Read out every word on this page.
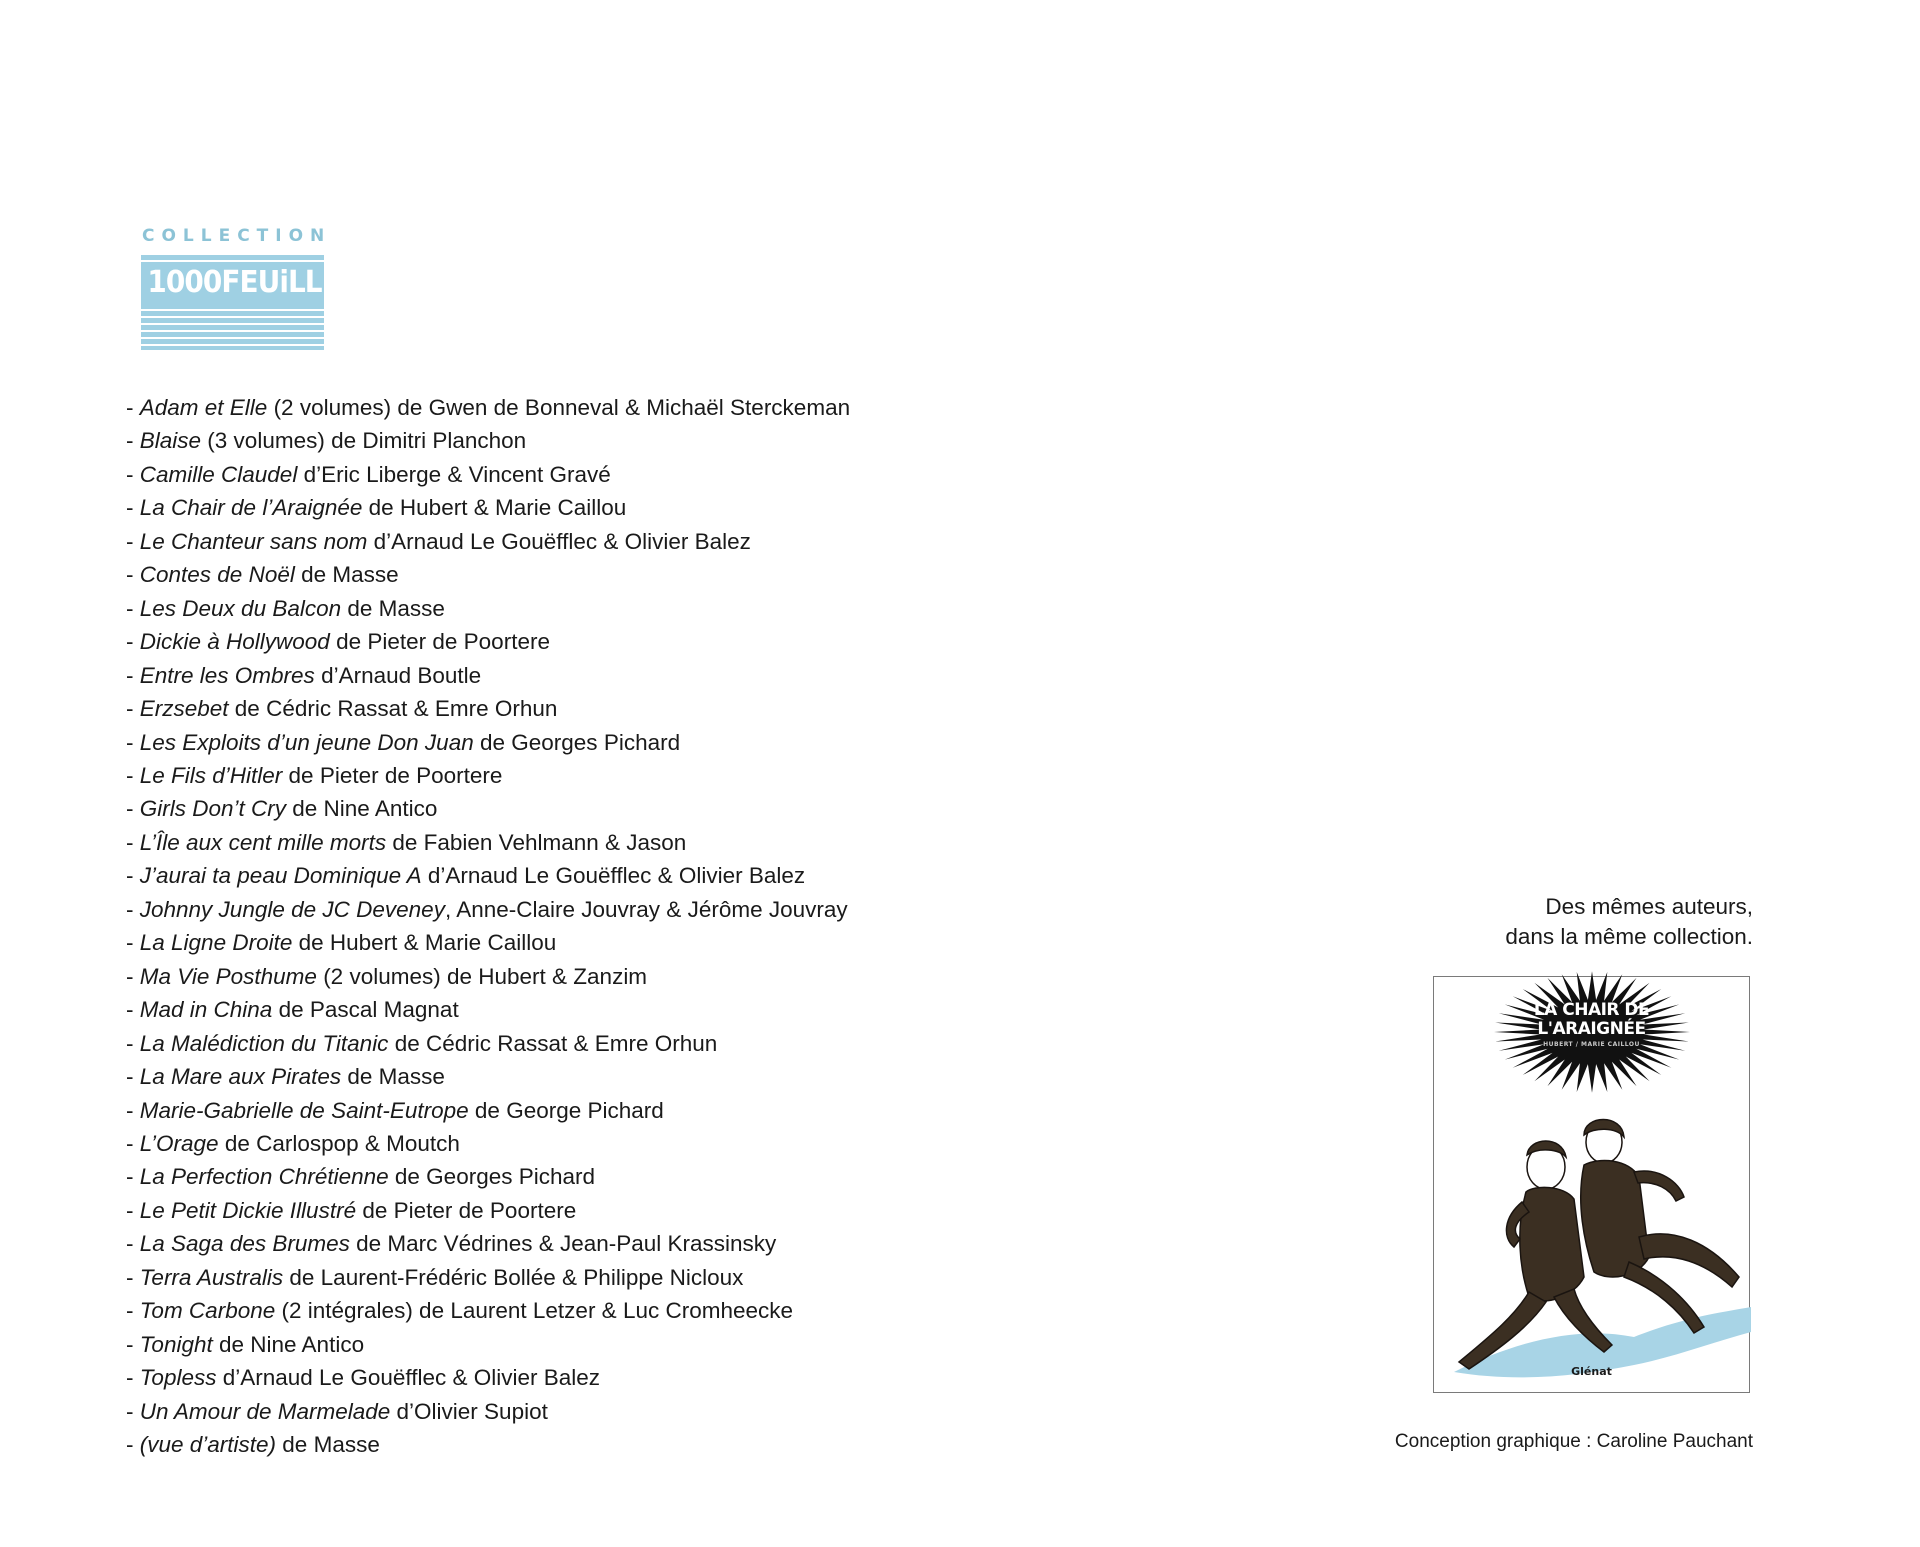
COLLECTION
1000FEUiLLES
- Adam et Elle (2 volumes) de Gwen de Bonneval & Michaël Sterckeman
- Blaise (3 volumes) de Dimitri Planchon
- Camille Claudel d’Eric Liberge & Vincent Gravé
- La Chair de l’Araignée de Hubert & Marie Caillou
- Le Chanteur sans nom d’Arnaud Le Gouëfflec & Olivier Balez
- Contes de Noël de Masse
- Les Deux du Balcon de Masse
- Dickie à Hollywood de Pieter de Poortere
- Entre les Ombres d’Arnaud Boutle
- Erzsebet de Cédric Rassat & Emre Orhun
- Les Exploits d’un jeune Don Juan de Georges Pichard
- Le Fils d’Hitler de Pieter de Poortere
- Girls Don’t Cry de Nine Antico
- L’Île aux cent mille morts de Fabien Vehlmann & Jason
- J’aurai ta peau Dominique A d’Arnaud Le Gouëfflec & Olivier Balez
- Johnny Jungle de JC Deveney, Anne-Claire Jouvray & Jérôme Jouvray
- La Ligne Droite de Hubert & Marie Caillou
- Ma Vie Posthume (2 volumes) de Hubert & Zanzim
- Mad in China de Pascal Magnat
- La Malédiction du Titanic de Cédric Rassat & Emre Orhun
- La Mare aux Pirates de Masse
- Marie-Gabrielle de Saint-Eutrope de George Pichard
- L’Orage de Carlospop & Moutch
- La Perfection Chrétienne de Georges Pichard
- Le Petit Dickie Illustré de Pieter de Poortere
- La Saga des Brumes de Marc Védrines & Jean-Paul Krassinsky
- Terra Australis de Laurent-Frédéric Bollée & Philippe Nicloux
- Tom Carbone (2 intégrales) de Laurent Letzer & Luc Cromheecke
- Tonight de Nine Antico
- Topless d’Arnaud Le Gouëfflec & Olivier Balez
- Un Amour de Marmelade d’Olivier Supiot
- (vue d’artiste) de Masse
Des mêmes auteurs,
dans la même collection.
LA CHAIR DE
L'ARAIGNÉE
HUBERT / MARIE CAILLOU
Glénat
Conception graphique : Caroline Pauchant
